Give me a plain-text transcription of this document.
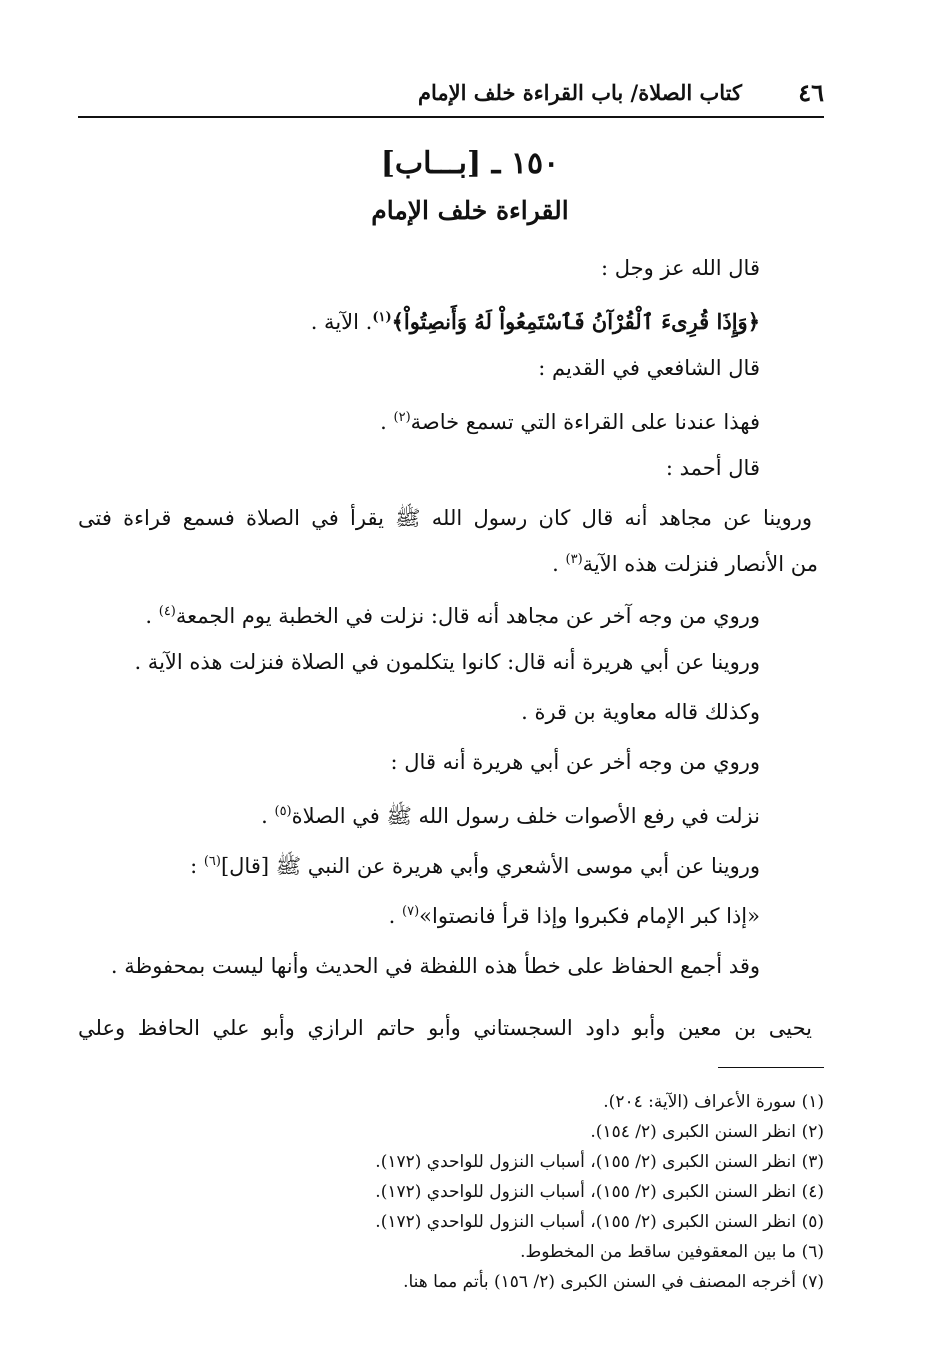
٤٦
كتاب الصلاة/ باب القراءة خلف الإمام
١٥٠ ـ [بـــاب]
القراءة خلف الإمام
قال الله عز وجل :
﴿وَإِذَا قُرِىءَ ٱلْقُرْآنُ فَٱسْتَمِعُواْ لَهُ وَأَنصِتُواْ﴾$^{(١)}$. الآية .
قال الشافعي في القديم :
فهذا عندنا على القراءة التي تسمع خاصة$^{(٢)}$ .
قال أحمد :
وروينا عن مجاهد أنه قال كان رسول الله ﷺ يقرأ في الصلاة فسمع قراءة فتى
من الأنصار فنزلت هذه الآية$^{(٣)}$ .
وروي من وجه آخر عن مجاهد أنه قال: نزلت في الخطبة يوم الجمعة$^{(٤)}$ .
وروينا عن أبي هريرة أنه قال: كانوا يتكلمون في الصلاة فنزلت هذه الآية .
وكذلك قاله معاوية بن قرة .
وروي من وجه أخر عن أبي هريرة أنه قال :
نزلت في رفع الأصوات خلف رسول الله ﷺ في الصلاة$^{(٥)}$ .
وروينا عن أبي موسى الأشعري وأبي هريرة عن النبي ﷺ [قال]$^{(٦)}$ :
«إذا كبر الإمام فكبروا وإذا قرأ فانصتوا»$^{(٧)}$ .
وقد أجمع الحفاظ على خطأ هذه اللفظة في الحديث وأنها ليست بمحفوظة .
يحيى بن معين وأبو داود السجستاني وأبو حاتم الرازي وأبو علي الحافظ وعلي
(١)سورة الأعراف (الآية: ٢٠٤).
(٢)انظر السنن الكبرى (٢/ ١٥٤).
(٣)انظر السنن الكبرى (٢/ ١٥٥)، أسباب النزول للواحدي (١٧٢).
(٤)انظر السنن الكبرى (٢/ ١٥٥)، أسباب النزول للواحدي (١٧٢).
(٥)انظر السنن الكبرى (٢/ ١٥٥)، أسباب النزول للواحدي (١٧٢).
(٦)ما بين المعقوفين ساقط من المخطوط.
(٧)أخرجه المصنف في السنن الكبرى (٢/ ١٥٦) بأتم مما هنا.
